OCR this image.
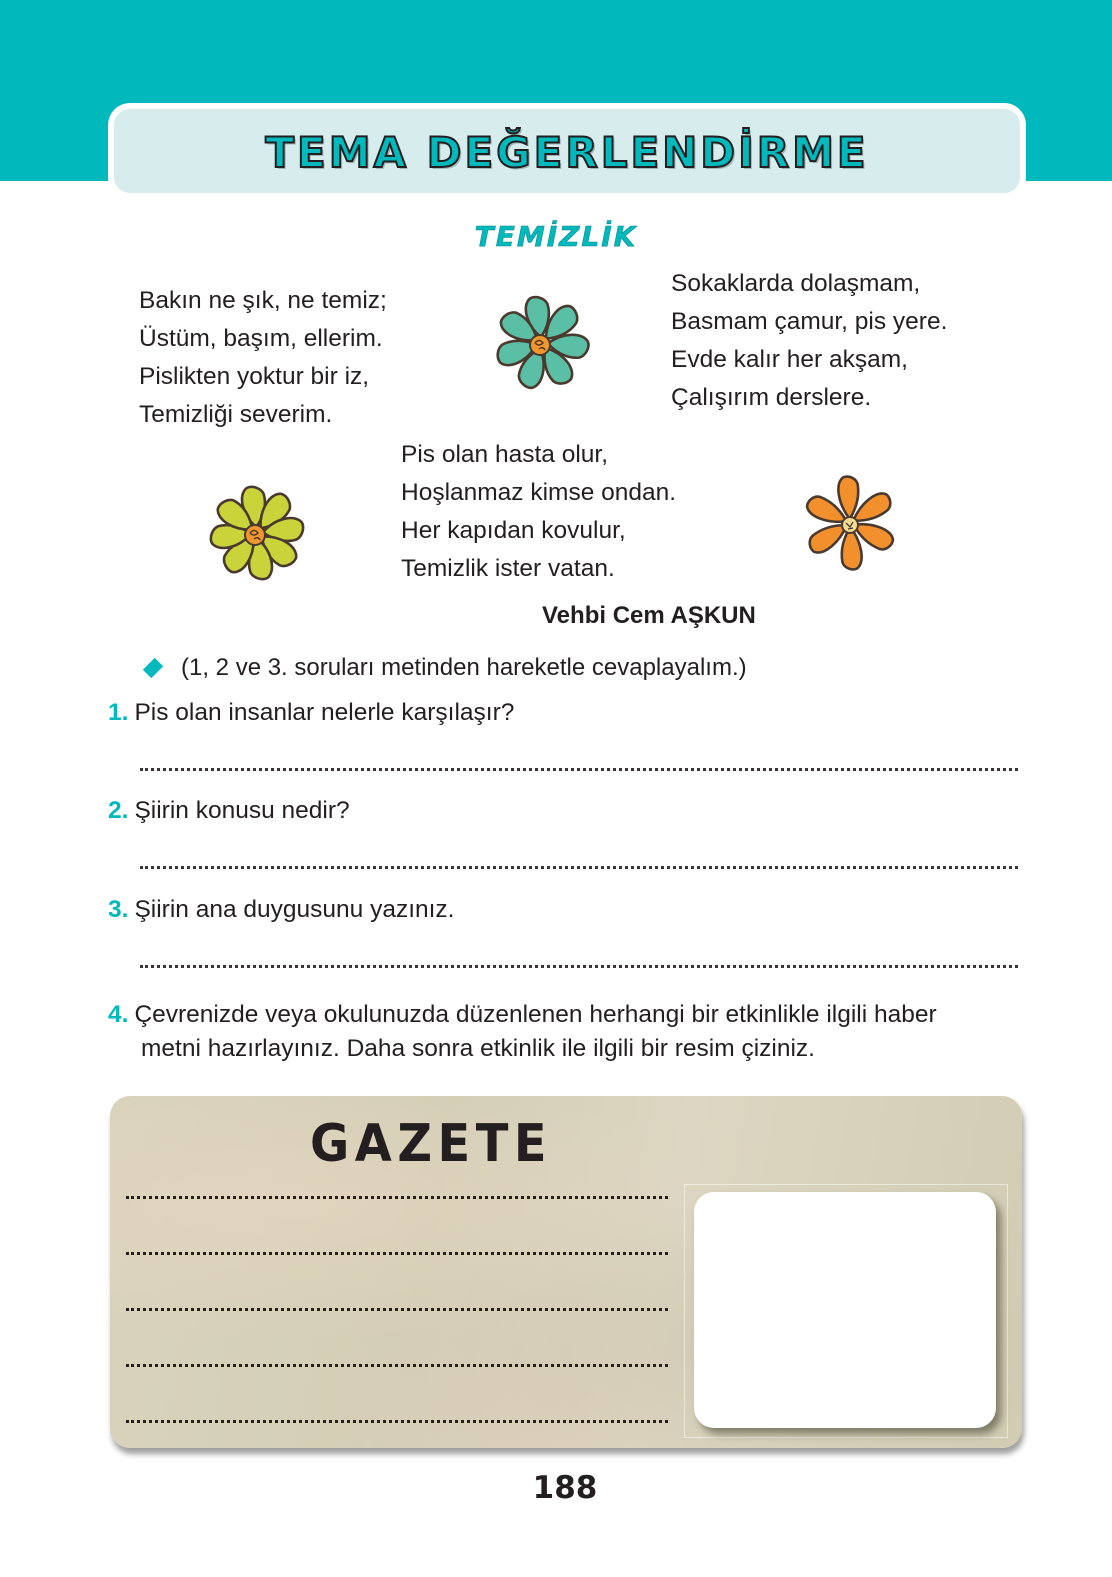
TEMA DEĞERLENDİRME
TEMİZLİK
Bakın ne şık, ne temiz;
Üstüm, başım, ellerim.
Pislikten yoktur bir iz,
Temizliği severim.
Sokaklarda dolaşmam,
Basmam çamur, pis yere.
Evde kalır her akşam,
Çalışırım derslere.
Pis olan hasta olur,
Hoşlanmaz kimse ondan.
Her kapıdan kovulur,
Temizlik ister vatan.
Vehbi Cem AŞKUN
(1, 2 ve 3. soruları metinden hareketle cevaplayalım.)
1. Pis olan insanlar nelerle karşılaşır?
2. Şiirin konusu nedir?
3. Şiirin ana duygusunu yazınız.
4. Çevrenizde veya okulunuzda düzenlenen herhangi bir etkinlikle ilgili haber
metni hazırlayınız. Daha sonra etkinlik ile ilgili bir resim çiziniz.
GAZETE
188
